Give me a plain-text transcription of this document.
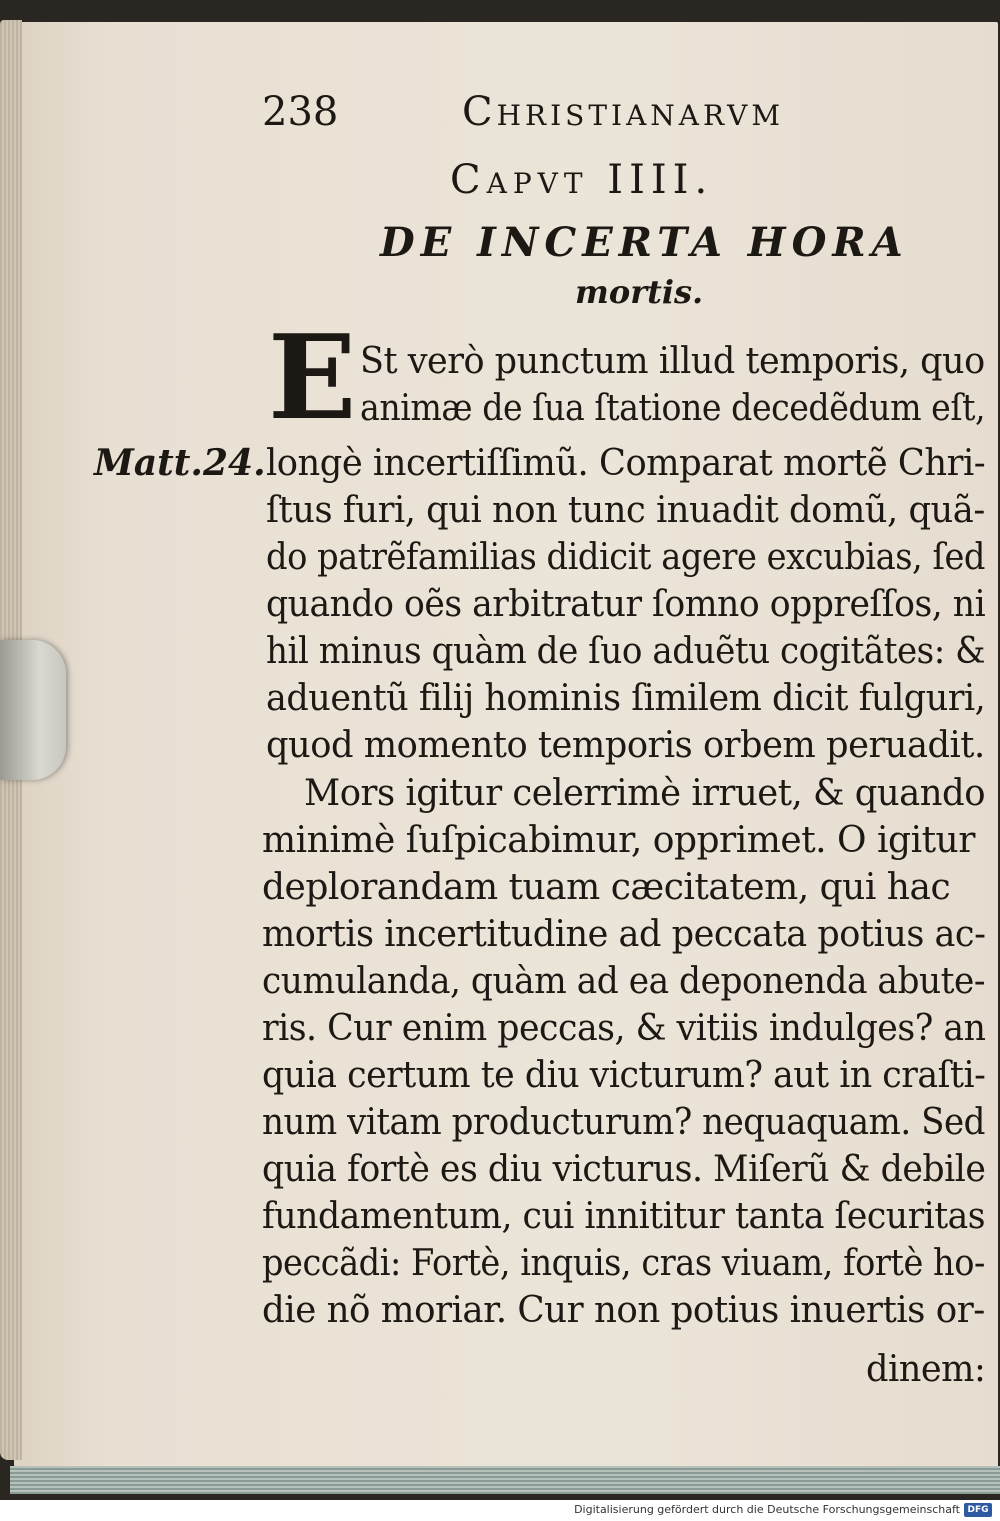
238	Christianarvm
Capvt IIII.
DE INCERTA HORA
mortis.
Matt.24.
E St verò punctum illud temporis, quo
animæ de ſua ſtatione decedẽdum eſt,
longè incertiſſimũ. Comparat mortẽ Chri-
ſtus furi, qui non tunc inuadit domũ, quã-
do patrẽfamilias didicit agere excubias, ſed
quando oẽs arbitratur ſomno oppreſſos, ni
hil minus quàm de ſuo aduẽtu cogitãtes: &
aduentũ filij hominis ſimilem dicit fulguri,
quod momento temporis orbem peruadit.
Mors igitur celerrimè irruet, & quando
minimè ſuſpicabimur, opprimet. O igitur
deplorandam tuam cæcitatem, qui hac
mortis incertitudine ad peccata potius ac-
cumulanda, quàm ad ea deponenda abute-
ris. Cur enim peccas, & vitiis indulges? an
quia certum te diu victurum? aut in craſti-
num vitam producturum? nequaquam. Sed
quia fortè es diu victurus. Miſerũ & debile
fundamentum, cui innititur tanta ſecuritas
peccãdi: Fortè, inquis, cras viuam, fortè ho-
die nõ moriar. Cur non potius inuertis or-
dinem:
Digitalisierung gefördert durch die Deutsche Forschungsgemeinschaft DFG
